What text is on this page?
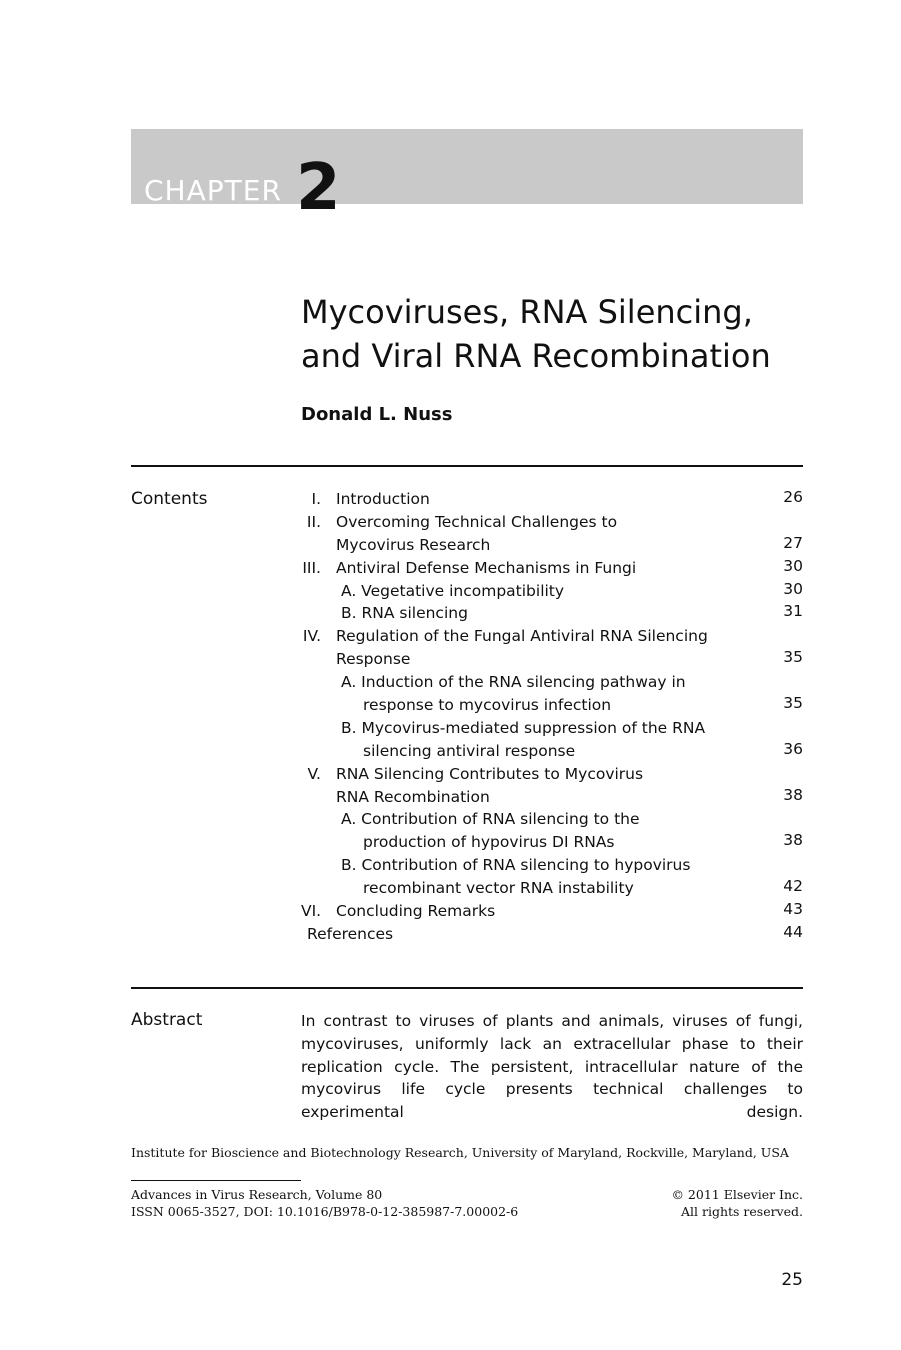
CHAPTER 2
Mycoviruses, RNA Silencing,
and Viral RNA Recombination
Donald L. Nuss
Contents	I. Introduction	26
II. Overcoming Technical Challenges to
Mycovirus Research	27
III. Antiviral Defense Mechanisms in Fungi	30
A. Vegetative incompatibility	30
B. RNA silencing	31
IV. Regulation of the Fungal Antiviral RNA Silencing
Response	35
A. Induction of the RNA silencing pathway in
response to mycovirus infection	35
B. Mycovirus-mediated suppression of the RNA
silencing antiviral response	36
V. RNA Silencing Contributes to Mycovirus
RNA Recombination	38
A. Contribution of RNA silencing to the
production of hypovirus DI RNAs	38
B. Contribution of RNA silencing to hypovirus
recombinant vector RNA instability	42
VI. Concluding Remarks	43
References	44
Abstract	In contrast to viruses of plants and animals, viruses of fungi, mycoviruses, uniformly lack an extracellular phase to their replication cycle. The persistent, intracellular nature of the mycovirus life cycle presents technical challenges to experimental design.
Institute for Bioscience and Biotechnology Research, University of Maryland, Rockville, Maryland, USA
Advances in Virus Research, Volume 80
ISSN 0065-3527, DOI: 10.1016/B978-0-12-385987-7.00002-6
© 2011 Elsevier Inc.
All rights reserved.
25
